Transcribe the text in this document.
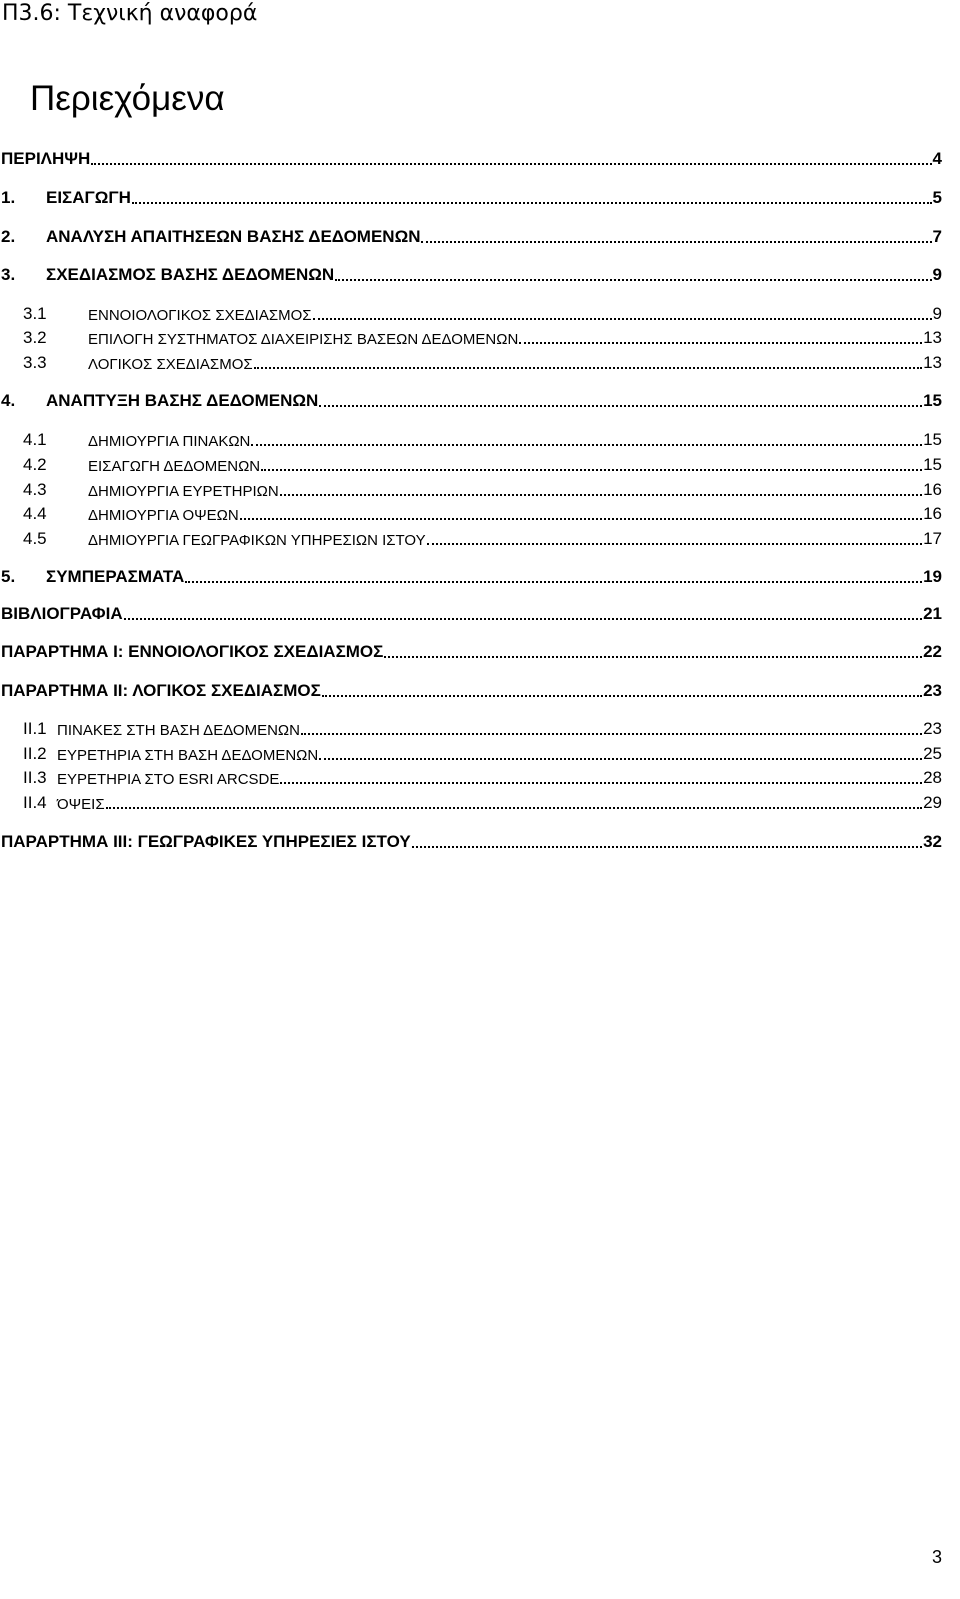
Π3.6: Τεχνική αναφορά
Περιεχόμενα
ΠΕΡΙΛΗΨΗ	4
1.	ΕΙΣΑΓΩΓΗ	5
2.	ΑΝΑΛΥΣΗ ΑΠΑΙΤΗΣΕΩΝ ΒΑΣΗΣ ΔΕΔΟΜΕΝΩΝ	7
3.	ΣΧΕΔΙΑΣΜΟΣ ΒΑΣΗΣ ΔΕΔΟΜΕΝΩΝ	9
3.1	ΕΝΝΟΙΟΛΟΓΙΚΟΣ ΣΧΕΔΙΑΣΜΟΣ	9
3.2	ΕΠΙΛΟΓΗ ΣΥΣΤΗΜΑΤΟΣ ΔΙΑΧΕΙΡΙΣΗΣ ΒΑΣΕΩΝ ΔΕΔΟΜΕΝΩΝ	13
3.3	ΛΟΓΙΚΟΣ ΣΧΕΔΙΑΣΜΟΣ	13
4.	ΑΝΑΠΤΥΞΗ ΒΑΣΗΣ ΔΕΔΟΜΕΝΩΝ	15
4.1	ΔΗΜΙΟΥΡΓΙΑ ΠΙΝΑΚΩΝ	15
4.2	ΕΙΣΑΓΩΓΗ ΔΕΔΟΜΕΝΩΝ	15
4.3	ΔΗΜΙΟΥΡΓΙΑ ΕΥΡΕΤΗΡΙΩΝ	16
4.4	ΔΗΜΙΟΥΡΓΙΑ ΟΨΕΩΝ	16
4.5	ΔΗΜΙΟΥΡΓΙΑ ΓΕΩΓΡΑΦΙΚΩΝ ΥΠΗΡΕΣΙΩΝ ΙΣΤΟΥ	17
5.	ΣΥΜΠΕΡΑΣΜΑΤΑ	19
ΒΙΒΛΙΟΓΡΑΦΙΑ	21
ΠΑΡΑΡΤΗΜΑ Ι: ΕΝΝΟΙΟΛΟΓΙΚΟΣ ΣΧΕΔΙΑΣΜΟΣ	22
ΠΑΡΑΡΤΗΜΑ ΙΙ: ΛΟΓΙΚΟΣ ΣΧΕΔΙΑΣΜΟΣ	23
ΙΙ.1 ΠΙΝΑΚΕΣ ΣΤΗ ΒΑΣΗ ΔΕΔΟΜΕΝΩΝ	23
ΙΙ.2 ΕΥΡΕΤΗΡΙΑ ΣΤΗ ΒΑΣΗ ΔΕΔΟΜΕΝΩΝ	25
ΙΙ.3 ΕΥΡΕΤΗΡΙΑ ΣΤΟ ESRI ARCSDE	28
ΙΙ.4 ΌΨΕΙΣ	29
ΠΑΡΑΡΤΗΜΑ ΙΙΙ: ΓΕΩΓΡΑΦΙΚΕΣ ΥΠΗΡΕΣΙΕΣ ΙΣΤΟΥ	32
3
